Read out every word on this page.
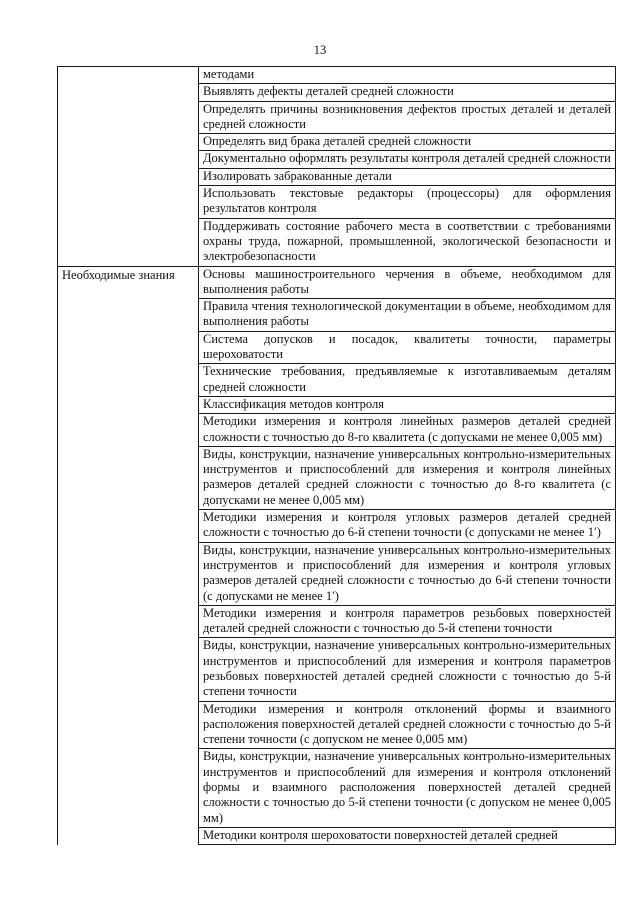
13
	методами
	Выявлять дефекты деталей средней сложности
	Определять причины возникновения дефектов простых деталей и деталей средней сложности
	Определять вид брака деталей средней сложности
	Документально оформлять результаты контроля деталей средней сложности
	Изолировать забракованные детали
	Использовать текстовые редакторы (процессоры) для оформления результатов контроля
	Поддерживать состояние рабочего места в соответствии с требованиями охраны труда, пожарной, промышленной, экологической безопасности и электробезопасности
Необходимые знания	Основы машиностроительного черчения в объеме, необходимом для выполнения работы
	Правила чтения технологической документации в объеме, необходимом для выполнения работы
	Система допусков и посадок, квалитеты точности, параметры шероховатости
	Технические требования, предъявляемые к изготавливаемым деталям средней сложности
	Классификация методов контроля
	Методики измерения и контроля линейных размеров деталей средней сложности с точностью до 8-го квалитета (с допусками не менее 0,005 мм)
	Виды, конструкции, назначение универсальных контрольно-измерительных инструментов и приспособлений для измерения и контроля линейных размеров деталей средней сложности с точностью до 8-го квалитета (с допусками не менее 0,005 мм)
	Методики измерения и контроля угловых размеров деталей средней сложности с точностью до 6-й степени точности (с допусками не менее 1′)
	Виды, конструкции, назначение универсальных контрольно-измерительных инструментов и приспособлений для измерения и контроля угловых размеров деталей средней сложности с точностью до 6-й степени точности (с допусками не менее 1′)
	Методики измерения и контроля параметров резьбовых поверхностей деталей средней сложности с точностью до 5-й степени точности
	Виды, конструкции, назначение универсальных контрольно-измерительных инструментов и приспособлений для измерения и контроля параметров резьбовых поверхностей деталей средней сложности с точностью до 5-й степени точности
	Методики измерения и контроля отклонений формы и взаимного расположения поверхностей деталей средней сложности с точностью до 5-й степени точности (с допуском не менее 0,005 мм)
	Виды, конструкции, назначение универсальных контрольно-измерительных инструментов и приспособлений для измерения и контроля отклонений формы и взаимного расположения поверхностей деталей средней сложности с точностью до 5-й степени точности (с допуском не менее 0,005 мм)
	Методики контроля шероховатости поверхностей деталей средней
